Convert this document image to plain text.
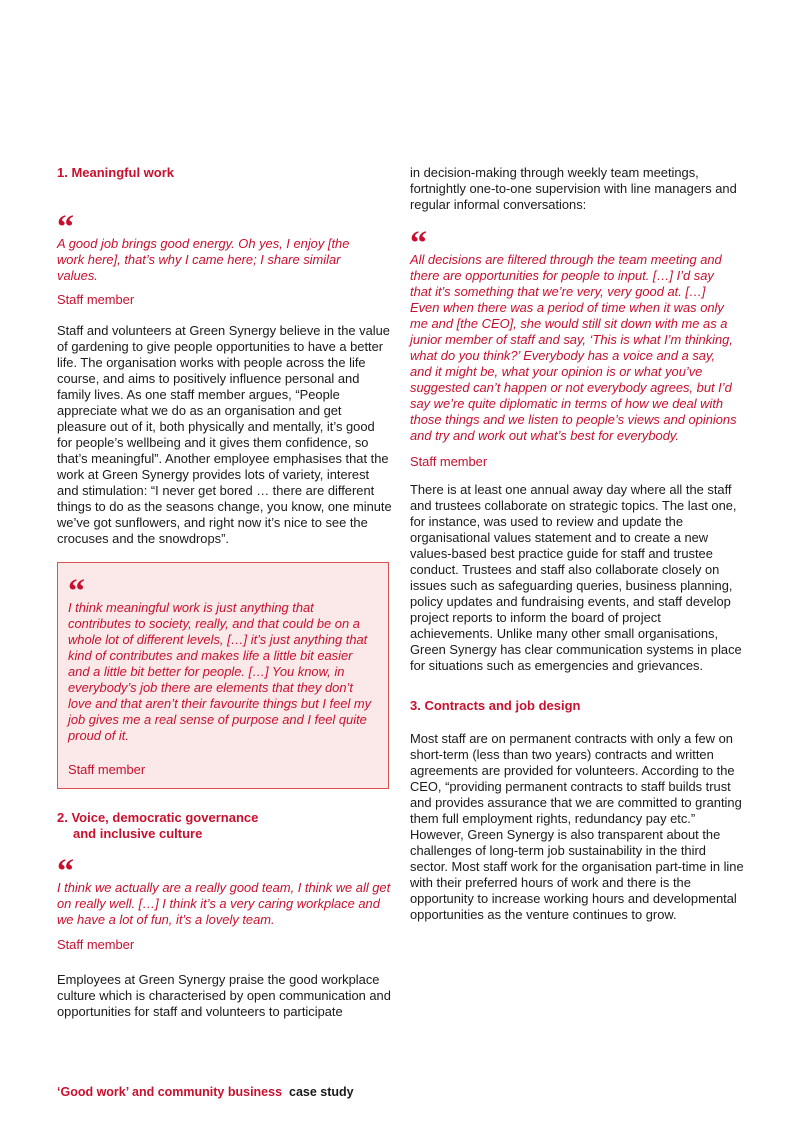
1. Meaningful work
“

A good job brings good energy. Oh yes, I enjoy [the work here], that’s why I came here; I share similar values.

Staff member

Staff and volunteers at Green Synergy believe in the value of gardening to give people opportunities to have a better life. The organisation works with people across the life course, and aims to positively influence personal and family lives. As one staff member argues, “People appreciate what we do as an organisation and get pleasure out of it, both physically and mentally, it’s good for people’s wellbeing and it gives them confidence, so that’s meaningful”. Another employee emphasises that the work at Green Synergy provides lots of variety, interest and stimulation: “I never get bored … there are different things to do as the seasons change, you know, one minute we’ve got sunflowers, and right now it’s nice to see the crocuses and the snowdrops”.

“

I think meaningful work is just anything that contributes to society, really, and that could be on a whole lot of different levels, […] it’s just anything that kind of contributes and makes life a little bit easier and a little bit better for people. […] You know, in everybody’s job there are elements that they don’t love and that aren’t their favourite things but I feel my job gives me a real sense of purpose and I feel quite proud of it.

Staff member

2. Voice, democratic governance
and inclusive culture
“

I think we actually are a really good team, I think we all get on really well. […] I think it’s a very caring workplace and we have a lot of fun, it’s a lovely team.

Staff member

Employees at Green Synergy praise the good workplace culture which is characterised by open communication and opportunities for staff and volunteers to participate

in decision-making through weekly team meetings, fortnightly one-to-one supervision with line managers and regular informal conversations:

“

All decisions are filtered through the team meeting and there are opportunities for people to input. […] I’d say that it’s something that we’re very, very good at. […] Even when there was a period of time when it was only me and [the CEO], she would still sit down with me as a junior member of staff and say, ‘This is what I’m thinking, what do you think?’ Everybody has a voice and a say, and it might be, what your opinion is or what you’ve suggested can’t happen or not everybody agrees, but I’d say we’re quite diplomatic in terms of how we deal with those things and we listen to people’s views and opinions and try and work out what’s best for everybody.

Staff member

There is at least one annual away day where all the staff and trustees collaborate on strategic topics. The last one, for instance, was used to review and update the organisational values statement and to create a new values-based best practice guide for staff and trustee conduct. Trustees and staff also collaborate closely on issues such as safeguarding queries, business planning, policy updates and fundraising events, and staff develop project reports to inform the board of project achievements. Unlike many other small organisations, Green Synergy has clear communication systems in place for situations such as emergencies and grievances.

3. Contracts and job design

Most staff are on permanent contracts with only a few on short-term (less than two years) contracts and written agreements are provided for volunteers. According to the CEO, “providing permanent contracts to staff builds trust and provides assurance that we are committed to granting them full employment rights, redundancy pay etc.” However, Green Synergy is also transparent about the challenges of long-term job sustainability in the third sector. Most staff work for the organisation part-time in line with their preferred hours of work and there is the opportunity to increase working hours and developmental opportunities as the venture continues to grow.

‘Good work’ and community business case study
